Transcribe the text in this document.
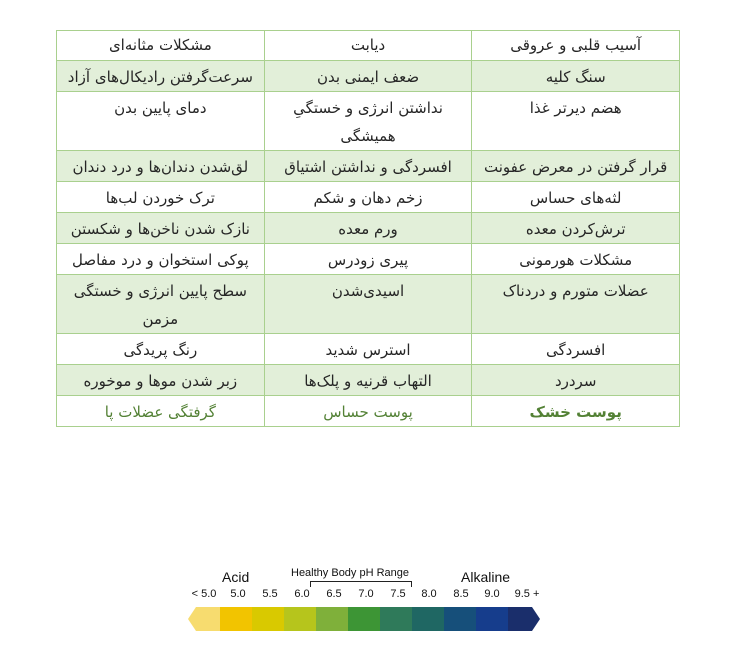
آسیب قلبی و عروقی	دیابت	مشکلات مثانه‌ای
سنگ کلیه	ضعف ایمنی بدن	سرعت‌گرفتن رادیکال‌های آزاد
هضم دیرتر غذا	نداشتن انرژی و خستگیِ همیشگی	دمای پایین بدن
قرار گرفتن در معرض عفونت	افسردگی و نداشتن اشتیاق	لق‌شدن دندان‌ها و درد دندان
لثه‌های حساس	زخم دهان و شکم	ترک خوردن لب‌ها
ترش‌کردن معده	ورم معده	نازک شدن ناخن‌ها و شکستن
مشکلات هورمونی	پیری زودرس	پوکی استخوان و درد مفاصل
عضلات متورم و دردناک	اسیدی‌شدن	سطح پایین انرژی و خستگی مزمن
افسردگی	استرس شدید	رنگ پریدگی
سردرد	التهاب قرنیه و پلک‌ها	زبر شدن موها و موخوره
پوست خشک	پوست حساس	گرفتگی عضلات پا
Acid	Healthy Body pH Range	Alkaline
< 5.0 5.0 5.5 6.0 6.5 7.0 7.5 8.0 8.5 9.0 9.5 +
